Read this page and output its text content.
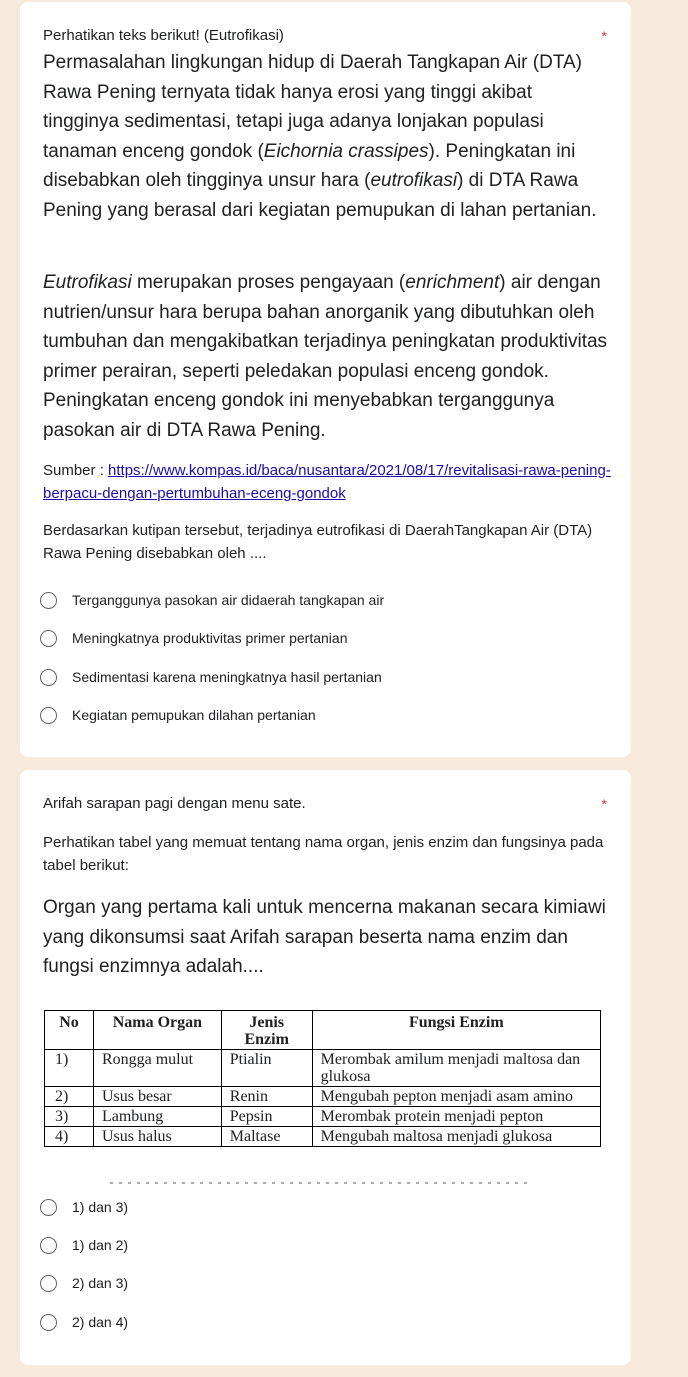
Perhatikan teks berikut! (Eutrofikasi)	*

Permasalahan lingkungan hidup di Daerah Tangkapan Air (DTA) Rawa Pening ternyata tidak hanya erosi yang tinggi akibat tingginya sedimentasi, tetapi juga adanya lonjakan populasi tanaman enceng gondok (Eichornia crassipes). Peningkatan ini disebabkan oleh tingginya unsur hara (eutrofikasi) di DTA Rawa Pening yang berasal dari kegiatan pemupukan di lahan pertanian.

Eutrofikasi merupakan proses pengayaan (enrichment) air dengan nutrien/unsur hara berupa bahan anorganik yang dibutuhkan oleh tumbuhan dan mengakibatkan terjadinya peningkatan produktivitas primer perairan, seperti peledakan populasi enceng gondok. Peningkatan enceng gondok ini menyebabkan terganggunya pasokan air di DTA Rawa Pening.

Sumber : https://www.kompas.id/baca/nusantara/2021/08/17/revitalisasi-rawa-pening-berpacu-dengan-pertumbuhan-eceng-gondok

Berdasarkan kutipan tersebut, terjadinya eutrofikasi di DaerahTangkapan Air (DTA) Rawa Pening disebabkan oleh ....

Terganggunya pasokan air didaerah tangkapan air
Meningkatnya produktivitas primer pertanian
Sedimentasi karena meningkatnya hasil pertanian
Kegiatan pemupukan dilahan pertanian
Arifah sarapan pagi dengan menu sate.	*

Perhatikan tabel yang memuat tentang nama organ, jenis enzim dan fungsinya pada tabel berikut:

Organ yang pertama kali untuk mencerna makanan secara kimiawi yang dikonsumsi saat Arifah sarapan beserta nama enzim dan fungsi enzimnya adalah....

No	Nama Organ	Jenis Enzim	Fungsi Enzim
1)	Rongga mulut	Ptialin	Merombak amilum menjadi maltosa dan glukosa
2)	Usus besar	Renin	Mengubah pepton menjadi asam amino
3)	Lambung	Pepsin	Merombak protein menjadi pepton
4)	Usus halus	Maltase	Mengubah maltosa menjadi glukosa
1) dan 3)
1) dan 2)
2) dan 3)
2) dan 4)
